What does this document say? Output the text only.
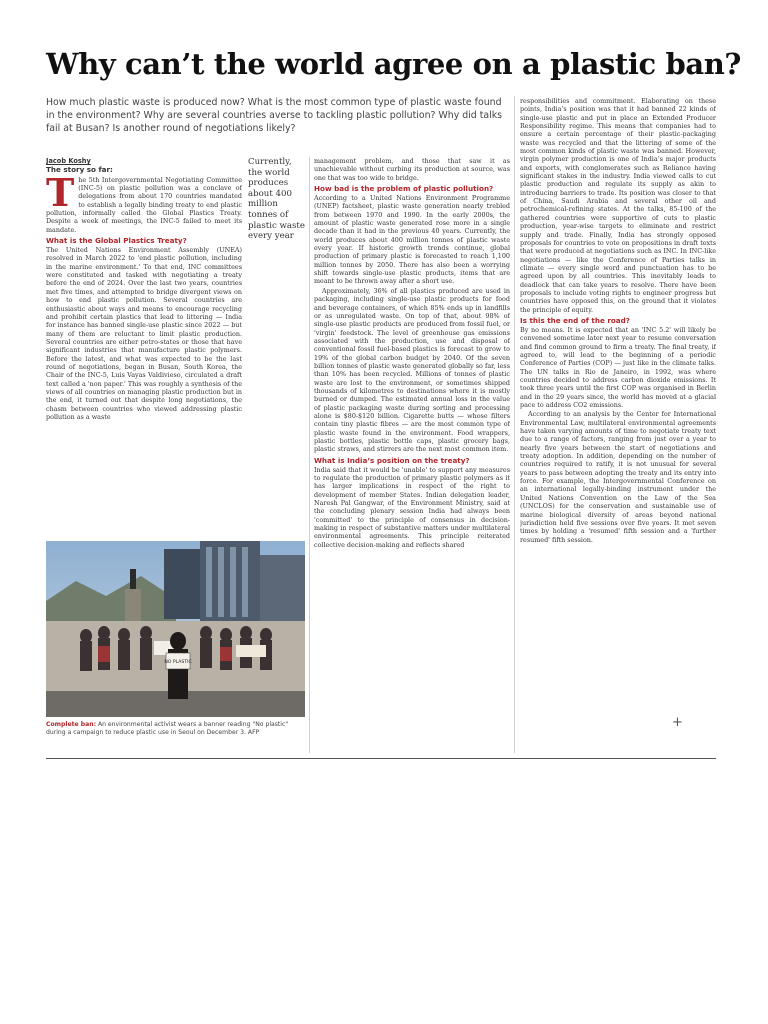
Why can’t the world agree on a plastic ban?

How much plastic waste is produced now? What is the most common type of plastic waste found in the environment? Why are several countries averse to tackling plastic pollution? Why did talks fail at Busan? Is another round of negotiations likely?

Jacob Koshy

The story so far:

The 5th Intergovernmental Negotiating Committee (INC-5) on plastic pollution was a conclave of delegations from about 170 countries mandated to establish a legally binding treaty to end plastic pollution, informally called the Global Plastics Treaty. Despite a week of meetings, the INC-5 failed to meet its mandate.

What is the Global Plastics Treaty?

The United Nations Environment Assembly (UNEA) resolved in March 2022 to 'end plastic pollution, including in the marine environment.' To that end, INC committees were constituted and tasked with negotiating a treaty before the end of 2024. Over the last two years, countries met five times, and attempted to bridge divergent views on how to end plastic pollution. Several countries are enthusiastic about ways and means to encourage recycling and prohibit certain plastics that lead to littering — India for instance has banned single-use plastic since 2022 — but many of them are reluctant to limit plastic production. Several countries are either petro-states or those that have significant industries that manufacture plastic polymers. Before the latest, and what was expected to be the last round of negotiations, began in Busan, South Korea, the Chair of the INC-5, Luis Vayas Valdivieso, circulated a draft text called a 'non paper.' This was roughly a synthesis of the views of all countries on managing plastic production but in the end, it turned out that despite long negotiations, the chasm between countries who viewed addressing plastic pollution as a waste

Currently, the world produces about 400 million tonnes of plastic waste every year
NO PLASTIC
Complete ban: An environmental activist wears a banner reading "No plastic" during a campaign to reduce plastic use in Seoul on December 3. AFP

management problem, and those that saw it as unachievable without curbing its production at source, was one that was too wide to bridge.

How bad is the problem of plastic pollution?

According to a United Nations Environment Programme (UNEP) factsheet, plastic waste generation nearly trebled from between 1970 and 1990. In the early 2000s, the amount of plastic waste generated rose more in a single decade than it had in the previous 40 years. Currently, the world produces about 400 million tonnes of plastic waste every year. If historic growth trends continue, global production of primary plastic is forecasted to reach 1,100 million tonnes by 2050. There has also been a worrying shift towards single-use plastic products, items that are meant to be thrown away after a short use.

Approximately, 36% of all plastics produced are used in packaging, including single-use plastic products for food and beverage containers, of which 85% ends up in landfills or as unregulated waste. On top of that, about 98% of single-use plastic products are produced from fossil fuel, or 'virgin' feedstock. The level of greenhouse gas emissions associated with the production, use and disposal of conventional fossil fuel-based plastics is forecast to grow to 19% of the global carbon budget by 2040. Of the seven billion tonnes of plastic waste generated globally so far, less than 10% has been recycled. Millions of tonnes of plastic waste are lost to the environment, or sometimes shipped thousands of kilometres to destinations where it is mostly burned or dumped. The estimated annual loss in the value of plastic packaging waste during sorting and processing alone is $80-$120 billion. Cigarette butts — whose filters contain tiny plastic fibres — are the most common type of plastic waste found in the environment. Food wrappers, plastic bottles, plastic bottle caps, plastic grocery bags, plastic straws, and stirrers are the next most common item.

What is India’s position on the treaty?

India said that it would be 'unable' to support any measures to regulate the production of primary plastic polymers as it has larger implications in respect of the right to development of member States. Indian delegation leader, Naresh Pal Gangwar, of the Environment Ministry, said at the concluding plenary session India had always been 'committed' to the principle of consensus in decision-making in respect of substantive matters under multilateral environmental agreements. This principle reiterated collective decision-making and reflects shared

responsibilities and commitment. Elaborating on these points, India’s position was that it had banned 22 kinds of single-use plastic and put in place an Extended Producer Responsibility regime. This means that companies had to ensure a certain percentage of their plastic-packaging waste was recycled and that the littering of some of the most common kinds of plastic waste was banned. However, virgin polymer production is one of India’s major products and exports, with conglomerates such as Reliance having significant stakes in the industry. India viewed calls to cut plastic production and regulate its supply as akin to introducing barriers to trade. Its position was closer to that of China, Saudi Arabia and several other oil and petrochemical-refining states. At the talks, 85-100 of the gathered countries were supportive of cuts to plastic production, year-wise targets to eliminate and restrict supply and trade. Finally, India has strongly opposed proposals for countries to vote on propositions in draft texts that were produced at negotiations such as INC. In INC-like negotiations — like the Conference of Parties talks in climate — every single word and punctuation has to be agreed upon by all countries. This inevitably leads to deadlock that can take years to resolve. There have been proposals to include voting rights to engineer progress but countries have opposed this, on the ground that it violates the principle of equity.

Is this the end of the road?

By no means. It is expected that an 'INC 5.2' will likely be convened sometime later next year to resume conversation and find common ground to firm a treaty. The final treaty, if agreed to, will lead to the beginning of a periodic Conference of Parties (COP) — just like in the climate talks. The UN talks in Rio de Janeiro, in 1992, was where countries decided to address carbon dioxide emissions. It took three years until the first COP was organised in Berlin and in the 29 years since, the world has moved at a glacial pace to address CO2 emissions.

According to an analysis by the Center for International Environmental Law, multilateral environmental agreements have taken varying amounts of time to negotiate treaty text due to a range of factors, ranging from just over a year to nearly five years between the start of negotiations and treaty adoption. In addition, depending on the number of countries required to ratify, it is not unusual for several years to pass between adopting the treaty and its entry into force. For example, the Intergovernmental Conference on an international legally-binding instrument under the United Nations Convention on the Law of the Sea (UNCLOS) for the conservation and sustainable use of marine biological diversity of areas beyond national jurisdiction held five sessions over five years. It met seven times by holding a 'resumed' fifth session and a 'further resumed' fifth session.

+
